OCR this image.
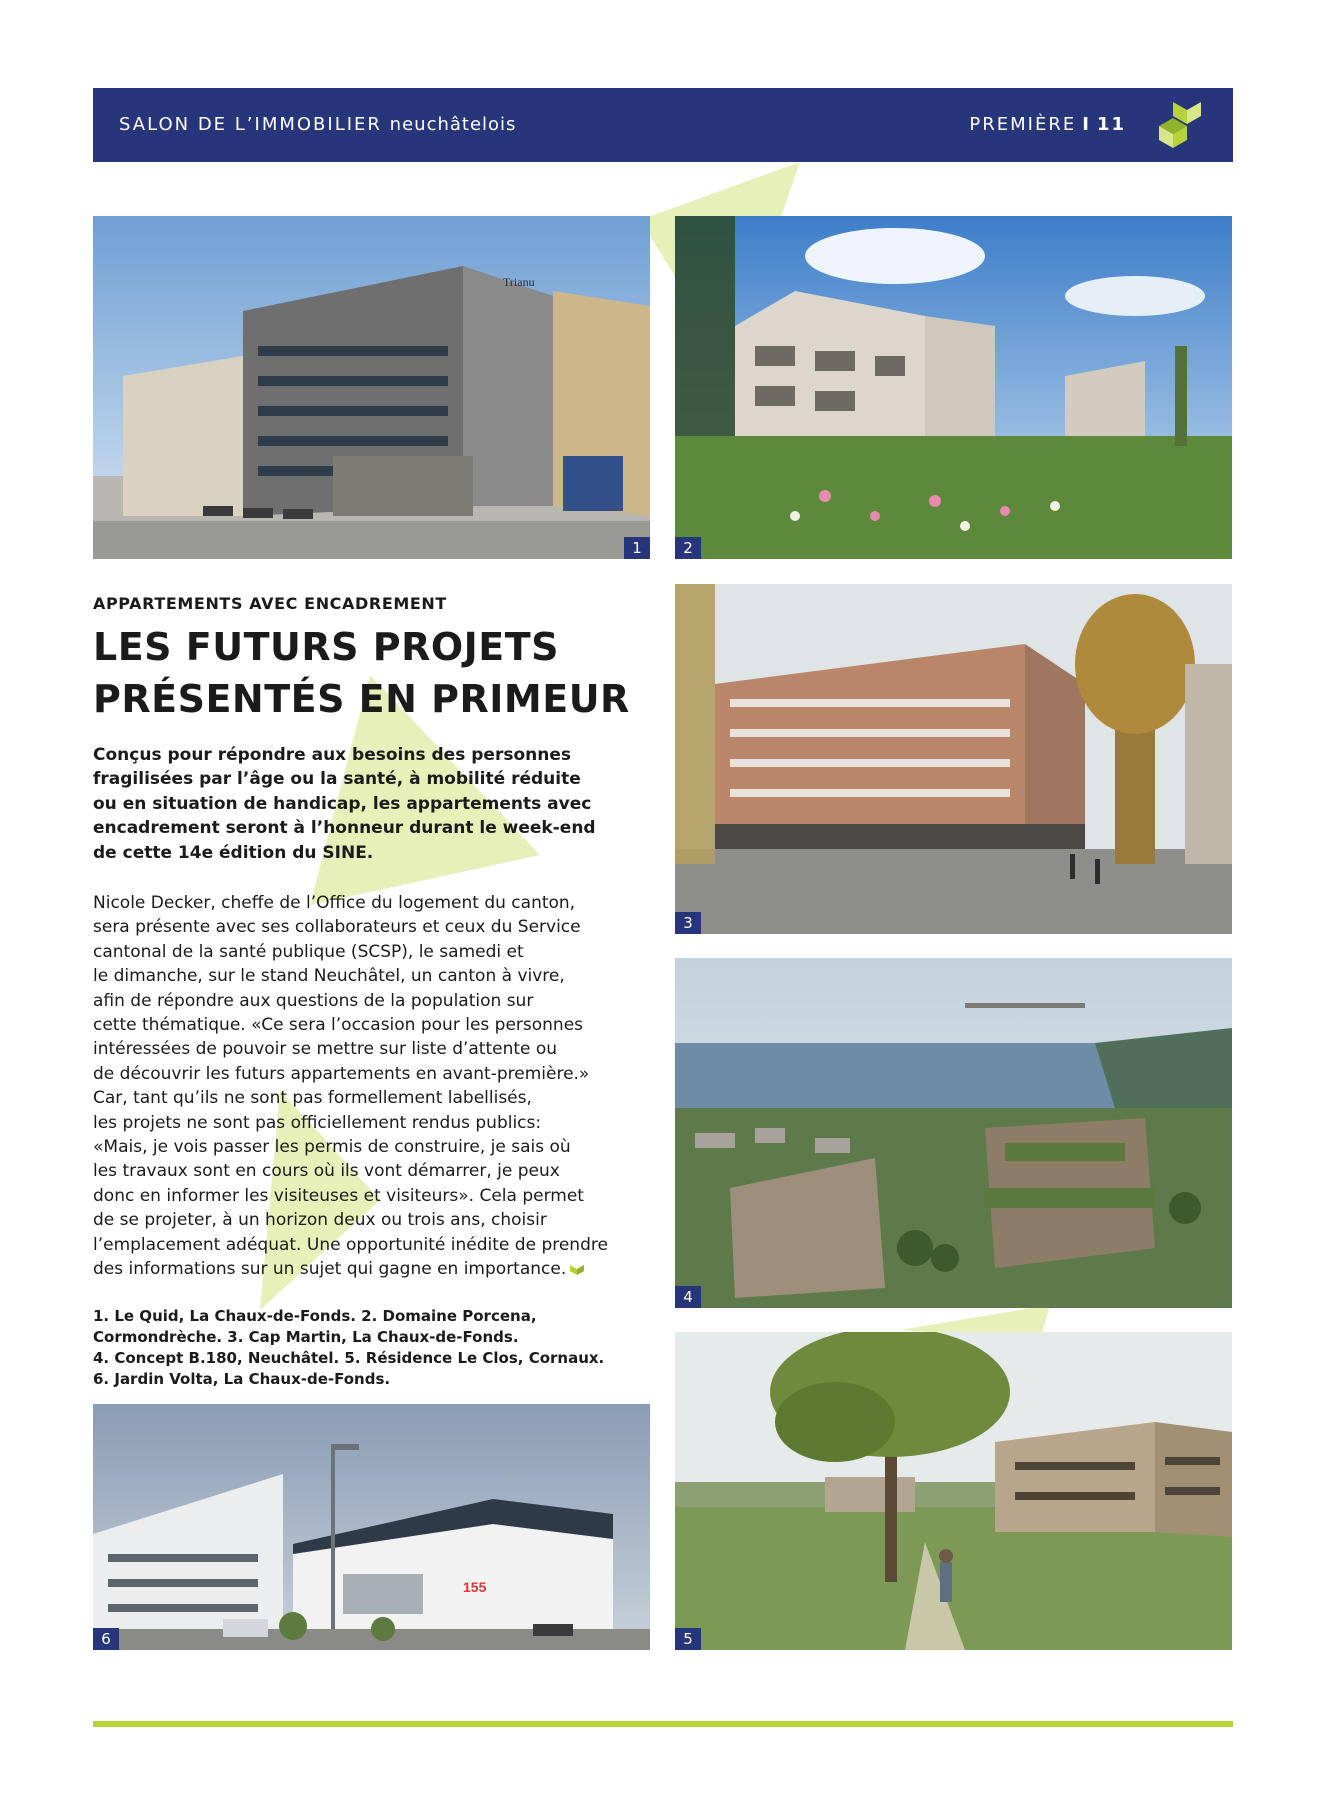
SALON DE L’IMMOBILIER neuchâtelois	PREMIÈRE I 11
Trianu
1	2
3
4
5
155
6
APPARTEMENTS AVEC ENCADREMENT
LES FUTURS PROJETS
PRÉSENTÉS EN PRIMEUR
Conçus pour répondre aux besoins des personnes
fragilisées par l’âge ou la santé, à mobilité réduite
ou en situation de handicap, les appartements avec
encadrement seront à l’honneur durant le week-end
de cette 14e édition du SINE.
Nicole Decker, cheffe de l’Office du logement du canton,
sera présente avec ses collaborateurs et ceux du Service
cantonal de la santé publique (SCSP), le samedi et
le dimanche, sur le stand Neuchâtel, un canton à vivre,
afin de répondre aux questions de la population sur
cette thématique. «Ce sera l’occasion pour les personnes
intéressées de pouvoir se mettre sur liste d’attente ou
de découvrir les futurs appartements en avant-première.»
Car, tant qu’ils ne sont pas formellement labellisés,
les projets ne sont pas officiellement rendus publics:
«Mais, je vois passer les permis de construire, je sais où
les travaux sont en cours où ils vont démarrer, je peux
donc en informer les visiteuses et visiteurs». Cela permet
de se projeter, à un horizon deux ou trois ans, choisir
l’emplacement adéquat. Une opportunité inédite de prendre
des informations sur un sujet qui gagne en importance.
1. Le Quid, La Chaux-de-Fonds. 2. Domaine Porcena,
Cormondrèche. 3. Cap Martin, La Chaux-de-Fonds.
4. Concept B.180, Neuchâtel. 5. Résidence Le Clos, Cornaux.
6. Jardin Volta, La Chaux-de-Fonds.
